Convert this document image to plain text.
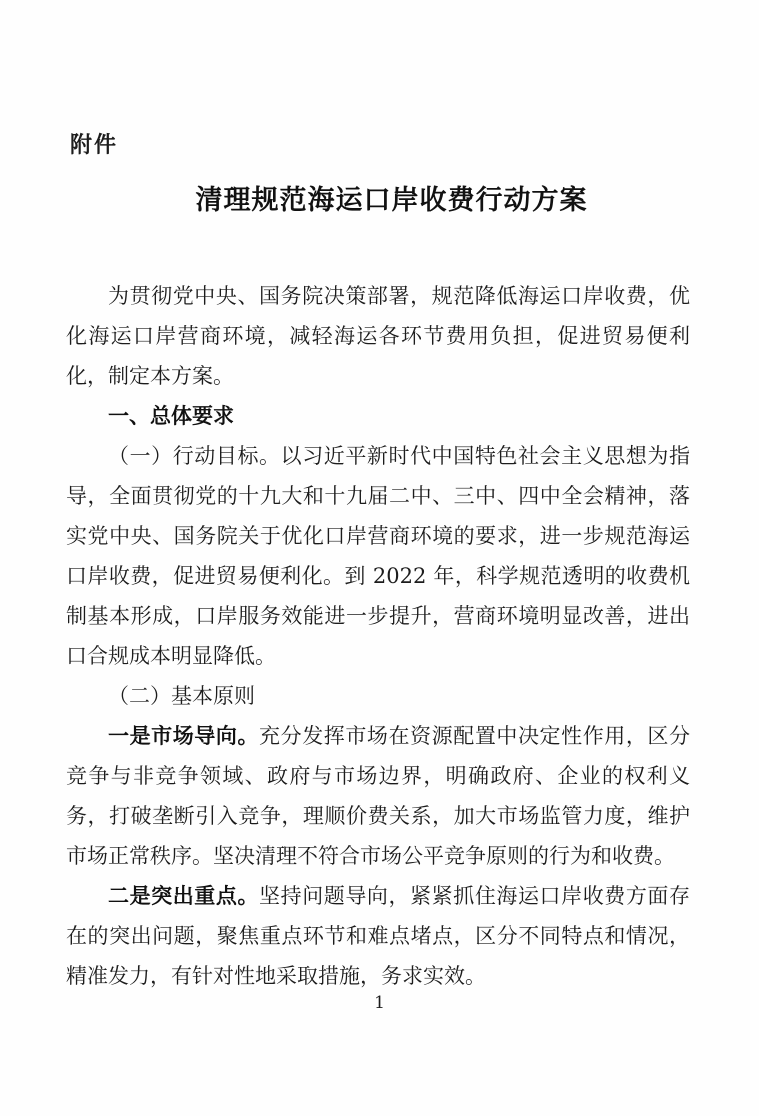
附件
清理规范海运口岸收费行动方案

为贯彻党中央、国务院决策部署，规范降低海运口岸收费，优化海运口岸营商环境，减轻海运各环节费用负担，促进贸易便利化，制定本方案。

一、总体要求

（一）行动目标。以习近平新时代中国特色社会主义思想为指导，全面贯彻党的十九大和十九届二中、三中、四中全会精神，落实党中央、国务院关于优化口岸营商环境的要求，进一步规范海运口岸收费，促进贸易便利化。到 2022 年，科学规范透明的收费机制基本形成，口岸服务效能进一步提升，营商环境明显改善，进出口合规成本明显降低。

（二）基本原则

一是市场导向。充分发挥市场在资源配置中决定性作用，区分竞争与非竞争领域、政府与市场边界，明确政府、企业的权利义务，打破垄断引入竞争，理顺价费关系，加大市场监管力度，维护市场正常秩序。坚决清理不符合市场公平竞争原则的行为和收费。

二是突出重点。坚持问题导向，紧紧抓住海运口岸收费方面存在的突出问题，聚焦重点环节和难点堵点，区分不同特点和情况，精准发力，有针对性地采取措施，务求实效。

1
